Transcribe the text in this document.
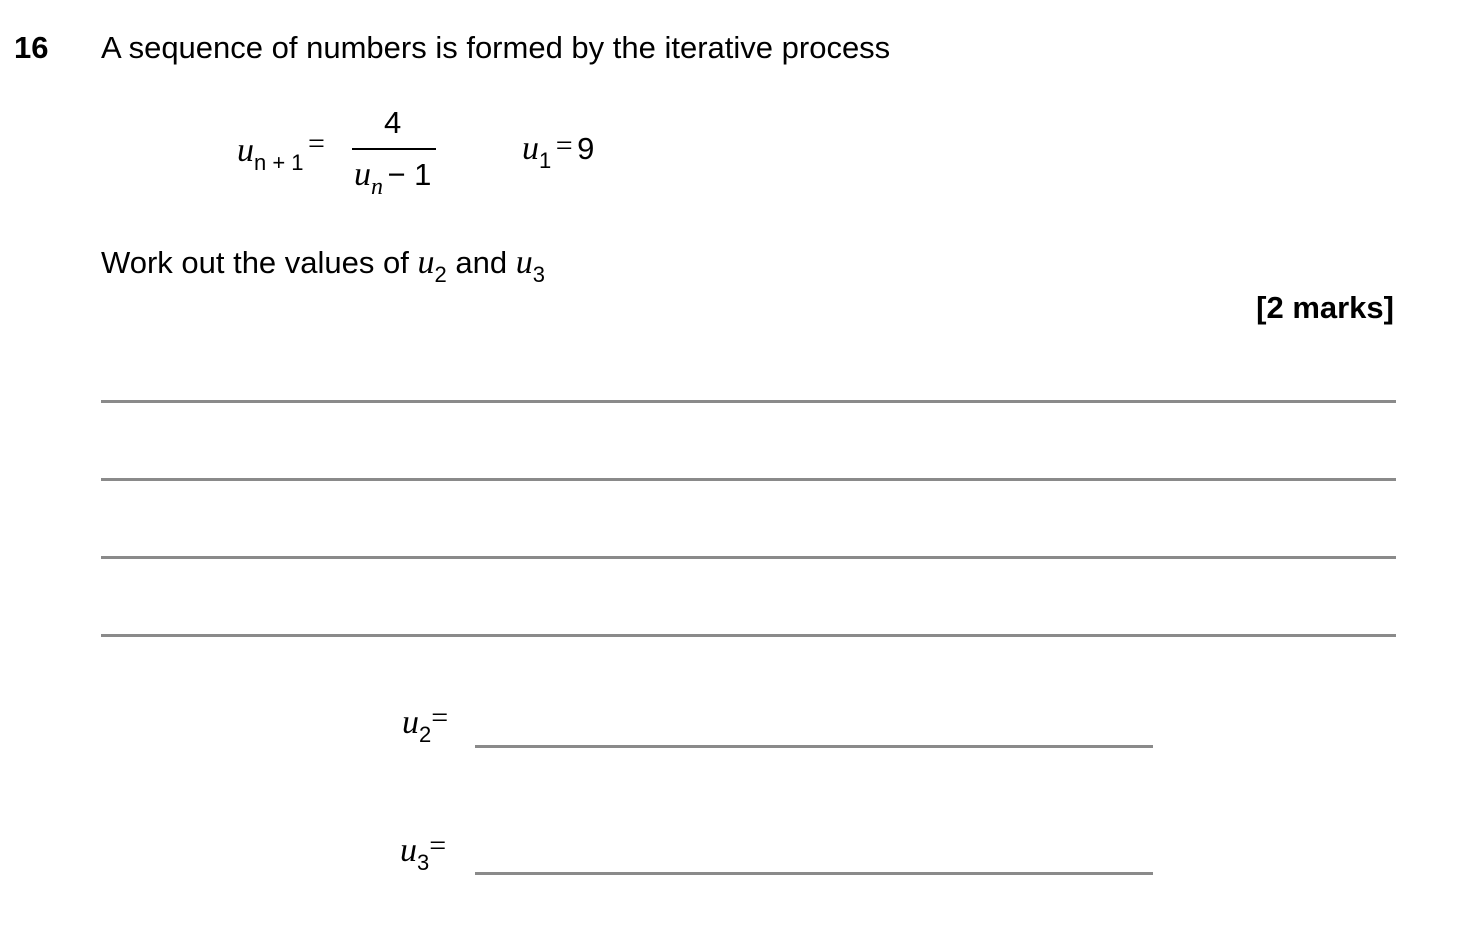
16 A sequence of numbers is formed by the iterative process
un + 1 =
4
un − 1
u1 = 9
Work out the values of $u_2$ and $u_3$
[2 marks]
u2=
u3=
